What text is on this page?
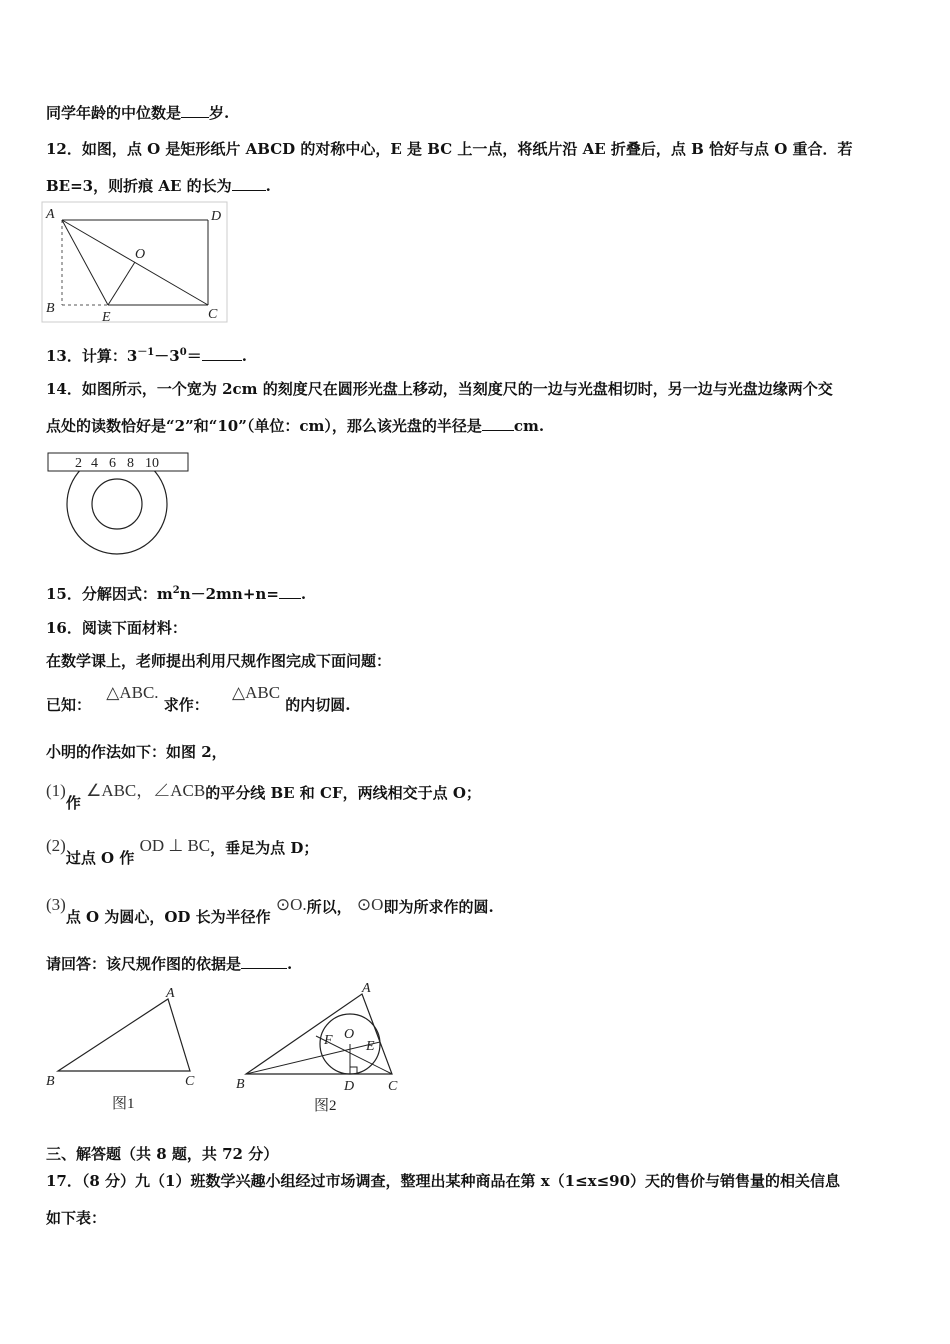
同学年龄的中位数是 岁.
12．如图，点 O 是矩形纸片 ABCD 的对称中心，E 是 BC 上一点，将纸片沿 AE 折叠后，点 B 恰好与点 O 重合．若
BE=3，则折痕 AE 的长为 .
A	D
O
B
E	C
13．计算：$3^{-1}-3^0=$	.
14．如图所示，一个宽为 2cm 的刻度尺在圆形光盘上移动，当刻度尺的一边与光盘相切时，另一边与光盘边缘两个交
点处的读数恰好是“2”和“10”（单位：cm），那么该光盘的半径是 cm.
2 4 6 8 10
15．分解因式：$m^2n-2mn+n=$ .
16．阅读下面材料：
在数学课上，老师提出利用尺规作图完成下面问题：
已知： △ABC. 求作： △ABC 的内切圆.
小明的作法如下：如图 2，
(1)作 ∠ABC，∠ACB的平分线 BE 和 CF，两线相交于点 O；
(2)过点 O 作 OD ⊥ BC，垂足为点 D；
(3)点 O 为圆心，OD 长为半径作 ⊙O.所以， ⊙O即为所求作的圆.
请回答：该尺规作图的依据是	.
A
B	C
图1
A
O
F E
B	D C
图2
三、解答题（共 8 题，共 72 分）
17．（8 分）九（1）班数学兴趣小组经过市场调查，整理出某种商品在第 x（1≤x≤90）天的售价与销售量的相关信息
如下表：
